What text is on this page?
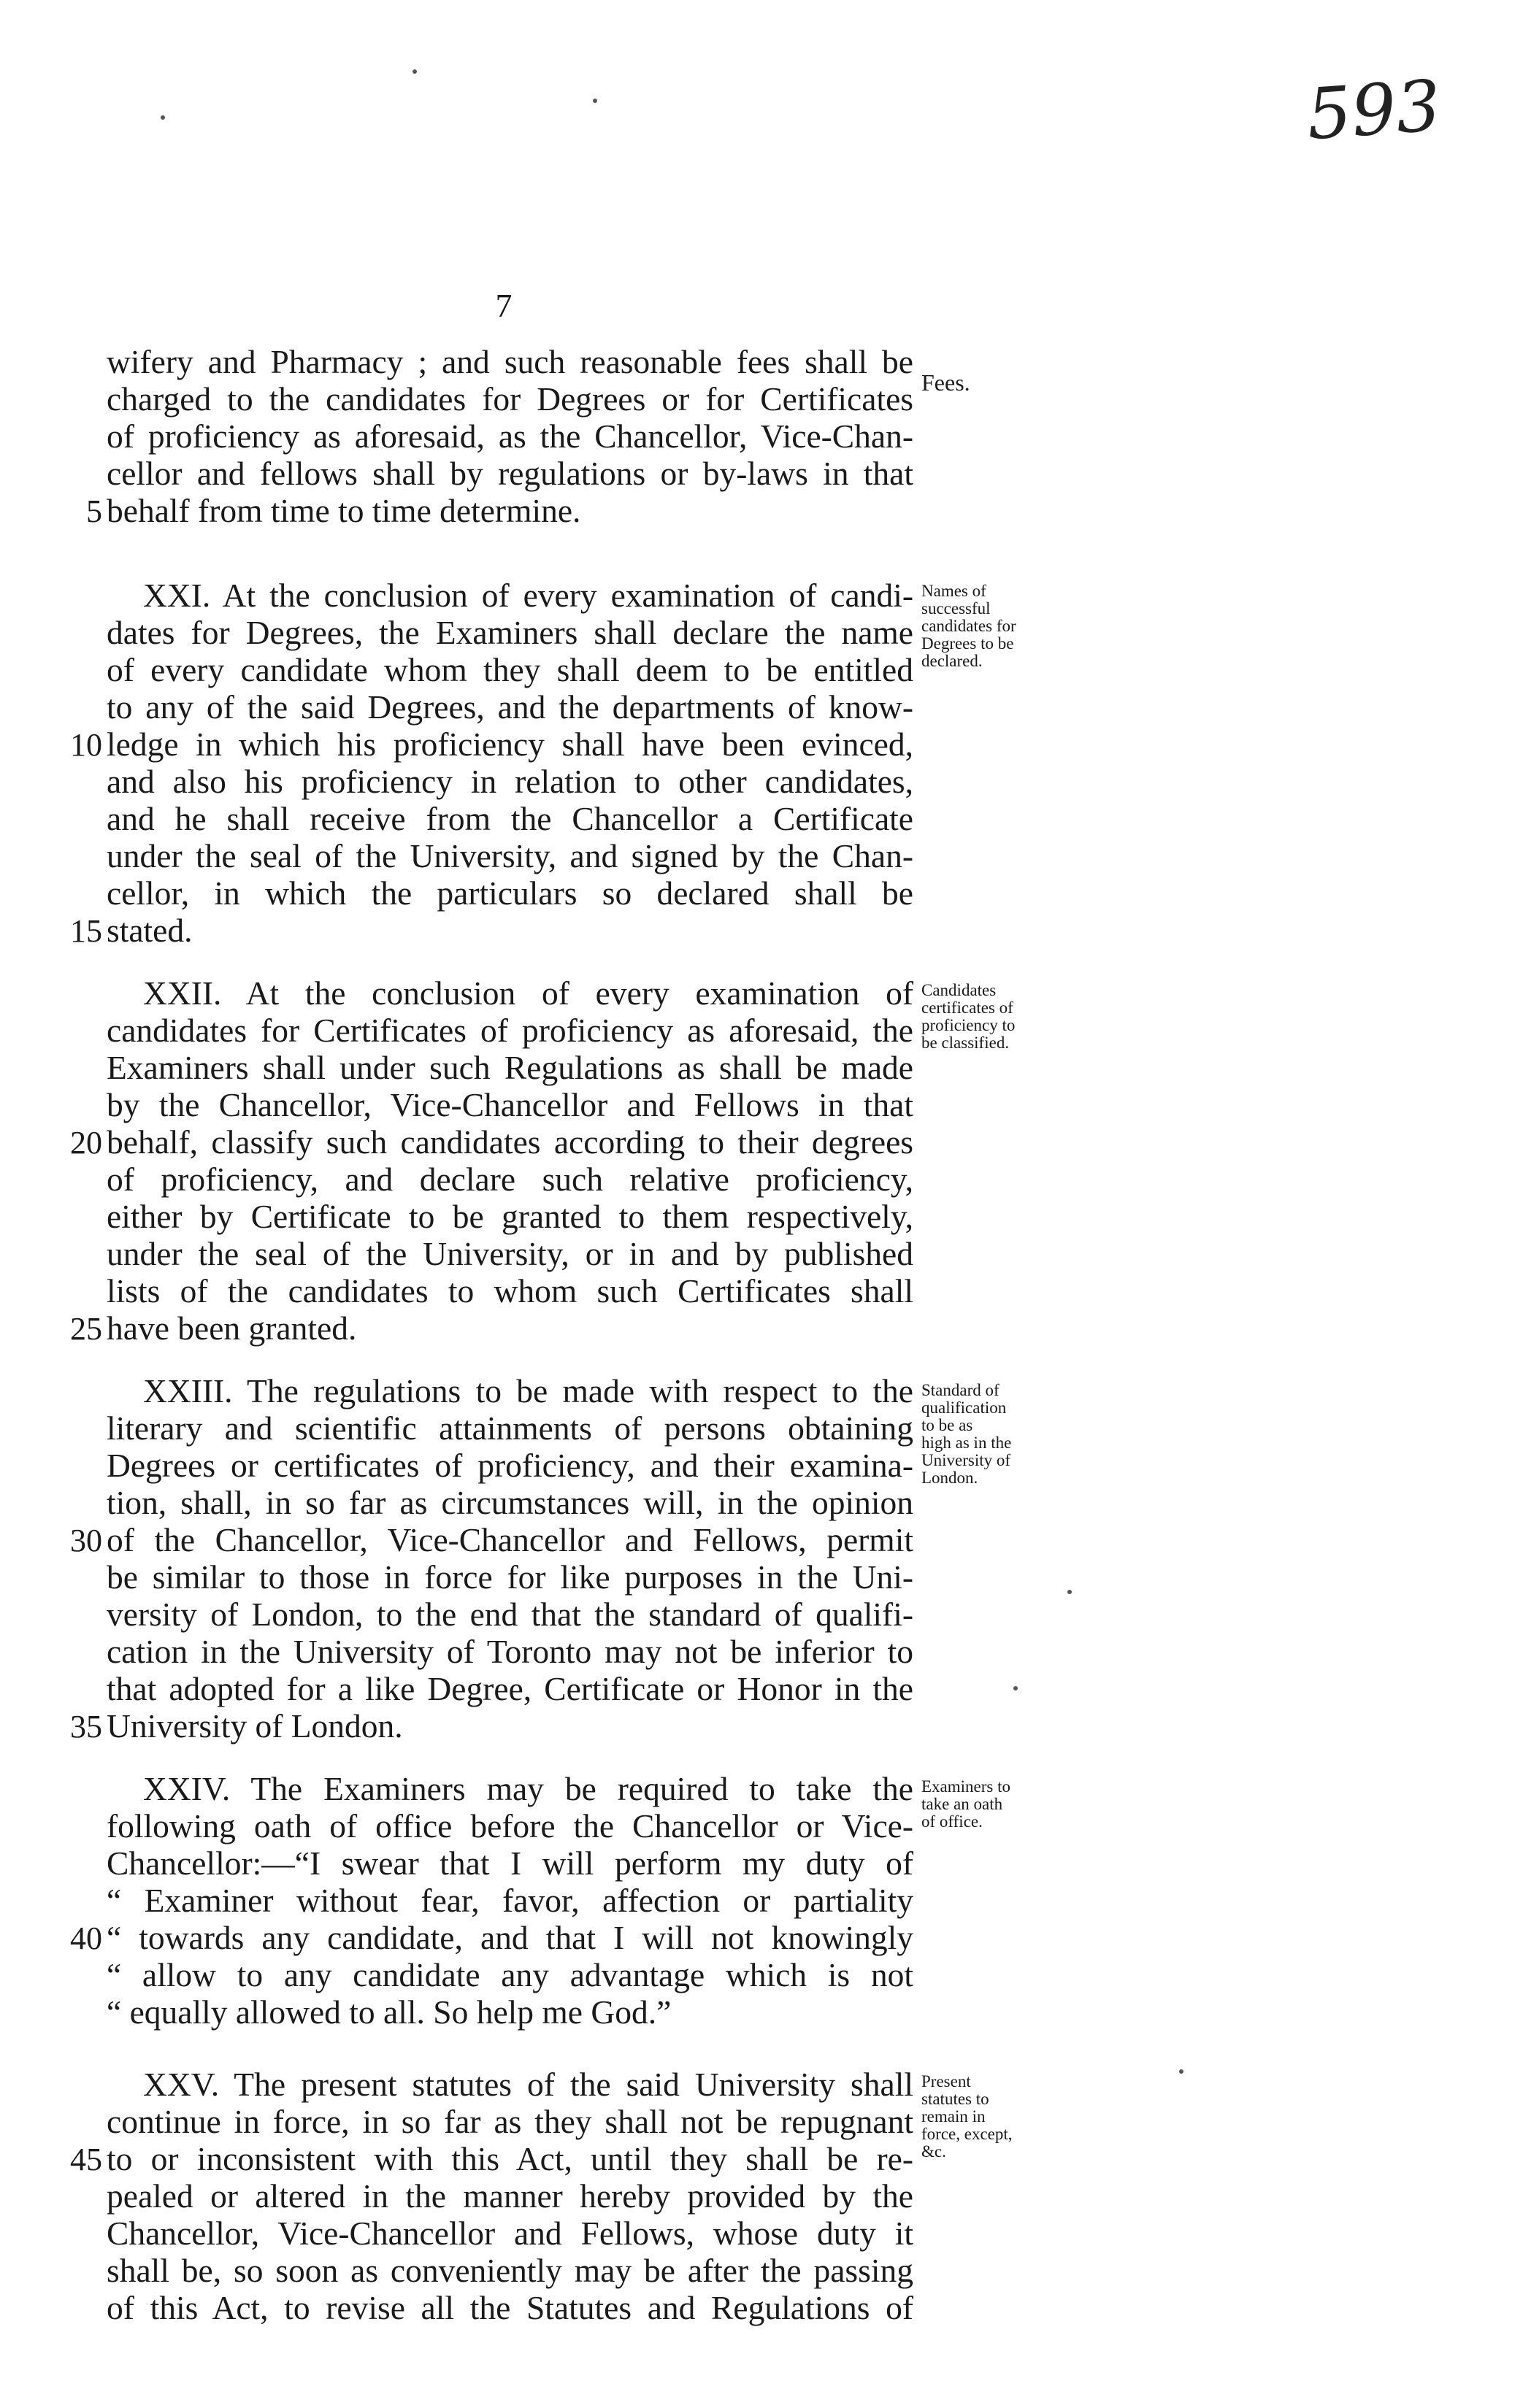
593
7
wifery and Pharmacy ; and such reasonable fees shall be
charged to the candidates for Degrees or for Certificates
of proficiency as aforesaid, as the Chancellor, Vice-Chan-
cellor and fellows shall by regulations or by-laws in that
5 behalf from time to time determine.
Fees.
XXI. At the conclusion of every examination of candi-
dates for Degrees, the Examiners shall declare the name
of every candidate whom they shall deem to be entitled
to any of the said Degrees, and the departments of know-
10 ledge in which his proficiency shall have been evinced,
and also his proficiency in relation to other candidates,
and he shall receive from the Chancellor a Certificate
under the seal of the University, and signed by the Chan-
cellor, in which the particulars so declared shall be
15 stated.
Names of
successful
candidates for
Degrees to be
declared.
XXII. At the conclusion of every examination of
candidates for Certificates of proficiency as aforesaid, the
Examiners shall under such Regulations as shall be made
by the Chancellor, Vice-Chancellor and Fellows in that
20 behalf, classify such candidates according to their degrees
of proficiency, and declare such relative proficiency,
either by Certificate to be granted to them respectively,
under the seal of the University, or in and by published
lists of the candidates to whom such Certificates shall
25 have been granted.
Candidates
certificates of
proficiency to
be classified.
XXIII. The regulations to be made with respect to the
literary and scientific attainments of persons obtaining
Degrees or certificates of proficiency, and their examina-
tion, shall, in so far as circumstances will, in the opinion
30 of the Chancellor, Vice-Chancellor and Fellows, permit
be similar to those in force for like purposes in the Uni-
versity of London, to the end that the standard of qualifi-
cation in the University of Toronto may not be inferior to
that adopted for a like Degree, Certificate or Honor in the
35 University of London.
Standard of
qualification
to be as
high as in the
University of
London.
XXIV. The Examiners may be required to take the
following oath of office before the Chancellor or Vice-
Chancellor:—“I swear that I will perform my duty of
“ Examiner without fear, favor, affection or partiality
40 “ towards any candidate, and that I will not knowingly
“ allow to any candidate any advantage which is not
“ equally allowed to all. So help me God.”
Examiners to
take an oath
of office.
XXV. The present statutes of the said University shall
continue in force, in so far as they shall not be repugnant
45 to or inconsistent with this Act, until they shall be re-
pealed or altered in the manner hereby provided by the
Chancellor, Vice-Chancellor and Fellows, whose duty it
shall be, so soon as conveniently may be after the passing
of this Act, to revise all the Statutes and Regulations of
Present
statutes to
remain in
force, except,
&c.
